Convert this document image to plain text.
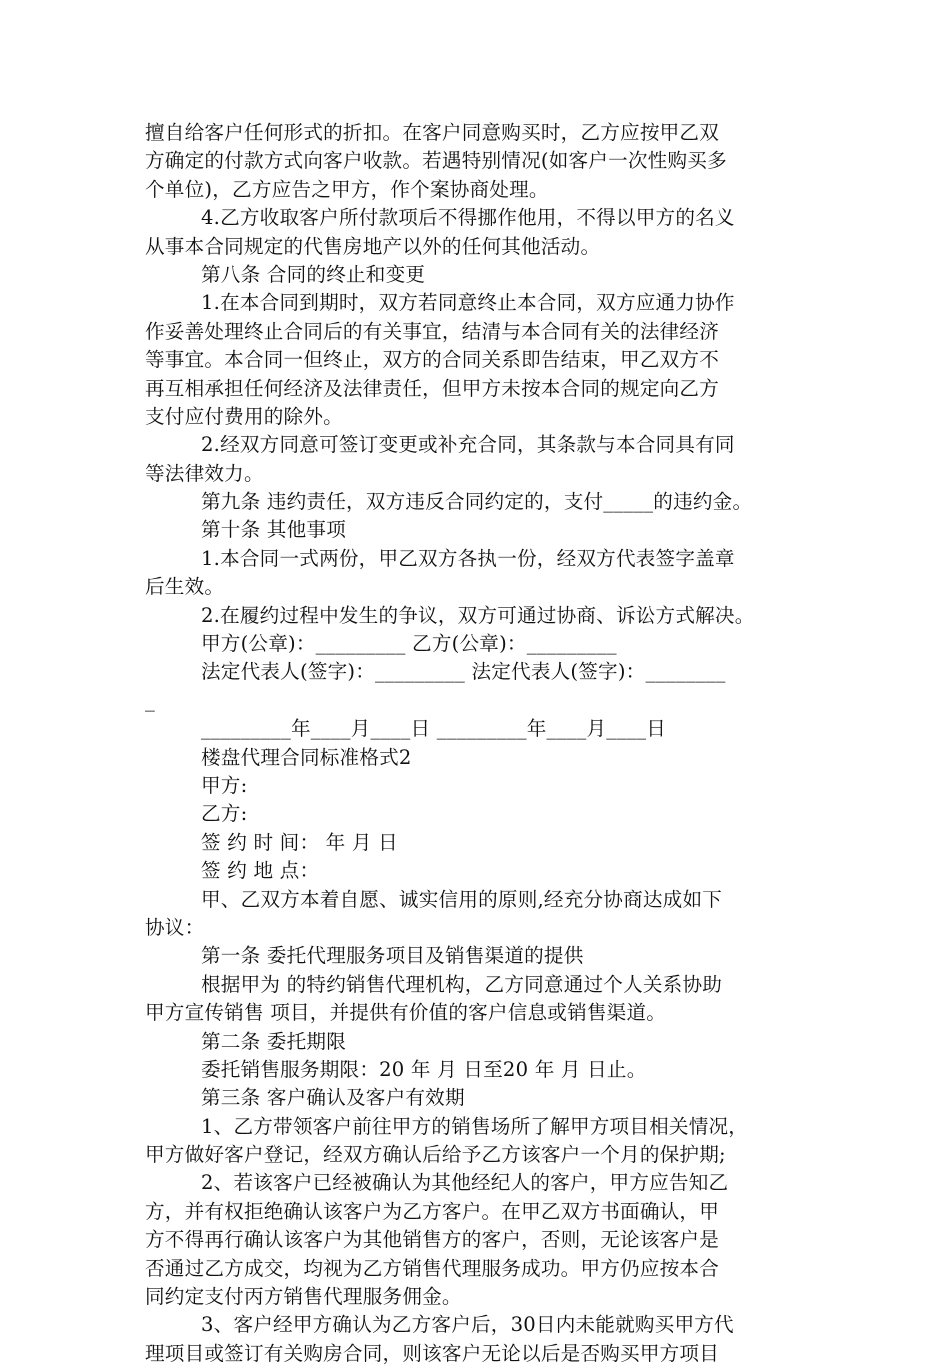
擅自给客户任何形式的折扣。在客户同意购买时，乙方应按甲乙双
方确定的付款方式向客户收款。若遇特别情况(如客户一次性购买多
个单位)，乙方应告之甲方，作个案协商处理。
4.乙方收取客户所付款项后不得挪作他用，不得以甲方的名义
从事本合同规定的代售房地产以外的任何其他活动。
第八条 合同的终止和变更
1.在本合同到期时，双方若同意终止本合同，双方应通力协作
作妥善处理终止合同后的有关事宜，结清与本合同有关的法律经济
等事宜。本合同一但终止，双方的合同关系即告结束，甲乙双方不
再互相承担任何经济及法律责任，但甲方未按本合同的规定向乙方
支付应付费用的除外。
2.经双方同意可签订变更或补充合同，其条款与本合同具有同
等法律效力。
第九条 违约责任，双方违反合同约定的，支付_____的违约金。
第十条 其他事项
1.本合同一式两份，甲乙双方各执一份，经双方代表签字盖章
后生效。
2.在履约过程中发生的争议，双方可通过协商、诉讼方式解决。
甲方(公章)：_________ 乙方(公章)：_________
法定代表人(签字)：_________ 法定代表人(签字)：________
_
_________年____月____日 _________年____月____日
楼盘代理合同标准格式2
甲方:
乙方:
签 约 时 间： 年 月 日
签 约 地 点：
甲、乙双方本着自愿、诚实信用的原则,经充分协商达成如下
协议：
第一条 委托代理服务项目及销售渠道的提供
根据甲为 的特约销售代理机构，乙方同意通过个人关系协助
甲方宣传销售 项目，并提供有价值的客户信息或销售渠道。
第二条 委托期限
委托销售服务期限：20 年 月 日至20 年 月 日止。
第三条 客户确认及客户有效期
1、乙方带领客户前往甲方的销售场所了解甲方项目相关情况，
甲方做好客户登记，经双方确认后给予乙方该客户一个月的保护期;
2、若该客户已经被确认为其他经纪人的客户，甲方应告知乙
方，并有权拒绝确认该客户为乙方客户。在甲乙双方书面确认，甲
方不得再行确认该客户为其他销售方的客户，否则，无论该客户是
否通过乙方成交，均视为乙方销售代理服务成功。甲方仍应按本合
同约定支付丙方销售代理服务佣金。
3、客户经甲方确认为乙方客户后，30日内未能就购买甲方代
理项目或签订有关购房合同，则该客户无论以后是否购买甲方项目
